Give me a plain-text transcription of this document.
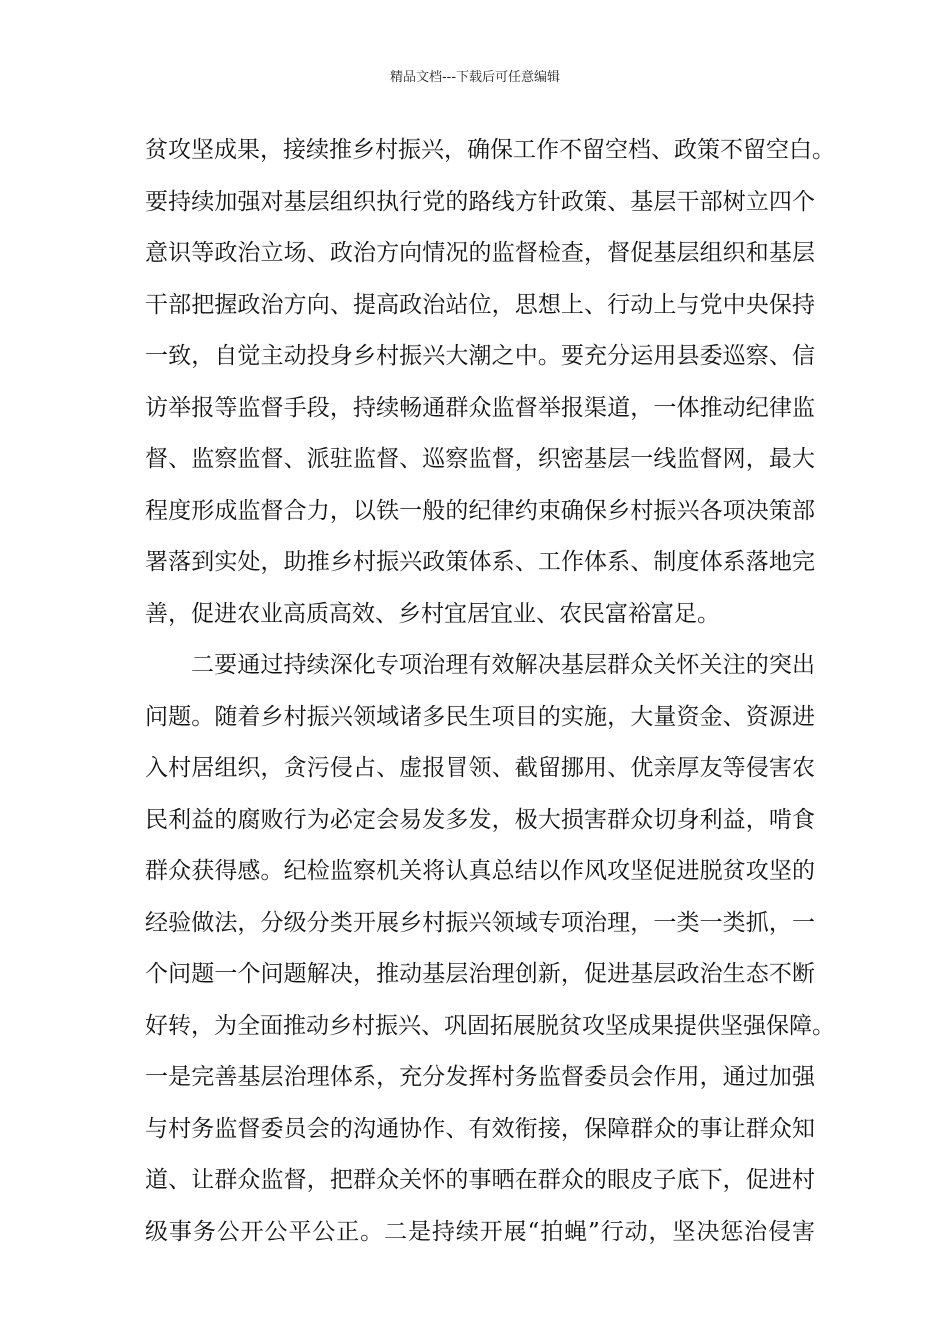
精品文档---下载后可任意编辑
贫攻坚成果，接续推乡村振兴，确保工作不留空档、政策不留空白。
要持续加强对基层组织执行党的路线方针政策、基层干部树立四个
意识等政治立场、政治方向情况的监督检查，督促基层组织和基层
干部把握政治方向、提高政治站位，思想上、行动上与党中央保持
一致，自觉主动投身乡村振兴大潮之中。要充分运用县委巡察、信
访举报等监督手段，持续畅通群众监督举报渠道，一体推动纪律监
督、监察监督、派驻监督、巡察监督，织密基层一线监督网，最大
程度形成监督合力，以铁一般的纪律约束确保乡村振兴各项决策部
署落到实处，助推乡村振兴政策体系、工作体系、制度体系落地完
善，促进农业高质高效、乡村宜居宜业、农民富裕富足。
二要通过持续深化专项治理有效解决基层群众关怀关注的突出
问题。随着乡村振兴领域诸多民生项目的实施，大量资金、资源进
入村居组织，贪污侵占、虚报冒领、截留挪用、优亲厚友等侵害农
民利益的腐败行为必定会易发多发，极大损害群众切身利益，啃食
群众获得感。纪检监察机关将认真总结以作风攻坚促进脱贫攻坚的
经验做法，分级分类开展乡村振兴领域专项治理，一类一类抓，一
个问题一个问题解决，推动基层治理创新，促进基层政治生态不断
好转，为全面推动乡村振兴、巩固拓展脱贫攻坚成果提供坚强保障。
一是完善基层治理体系，充分发挥村务监督委员会作用，通过加强
与村务监督委员会的沟通协作、有效衔接，保障群众的事让群众知
道、让群众监督，把群众关怀的事晒在群众的眼皮子底下，促进村
级事务公开公平公正。二是持续开展“拍蝇”行动，坚决惩治侵害
